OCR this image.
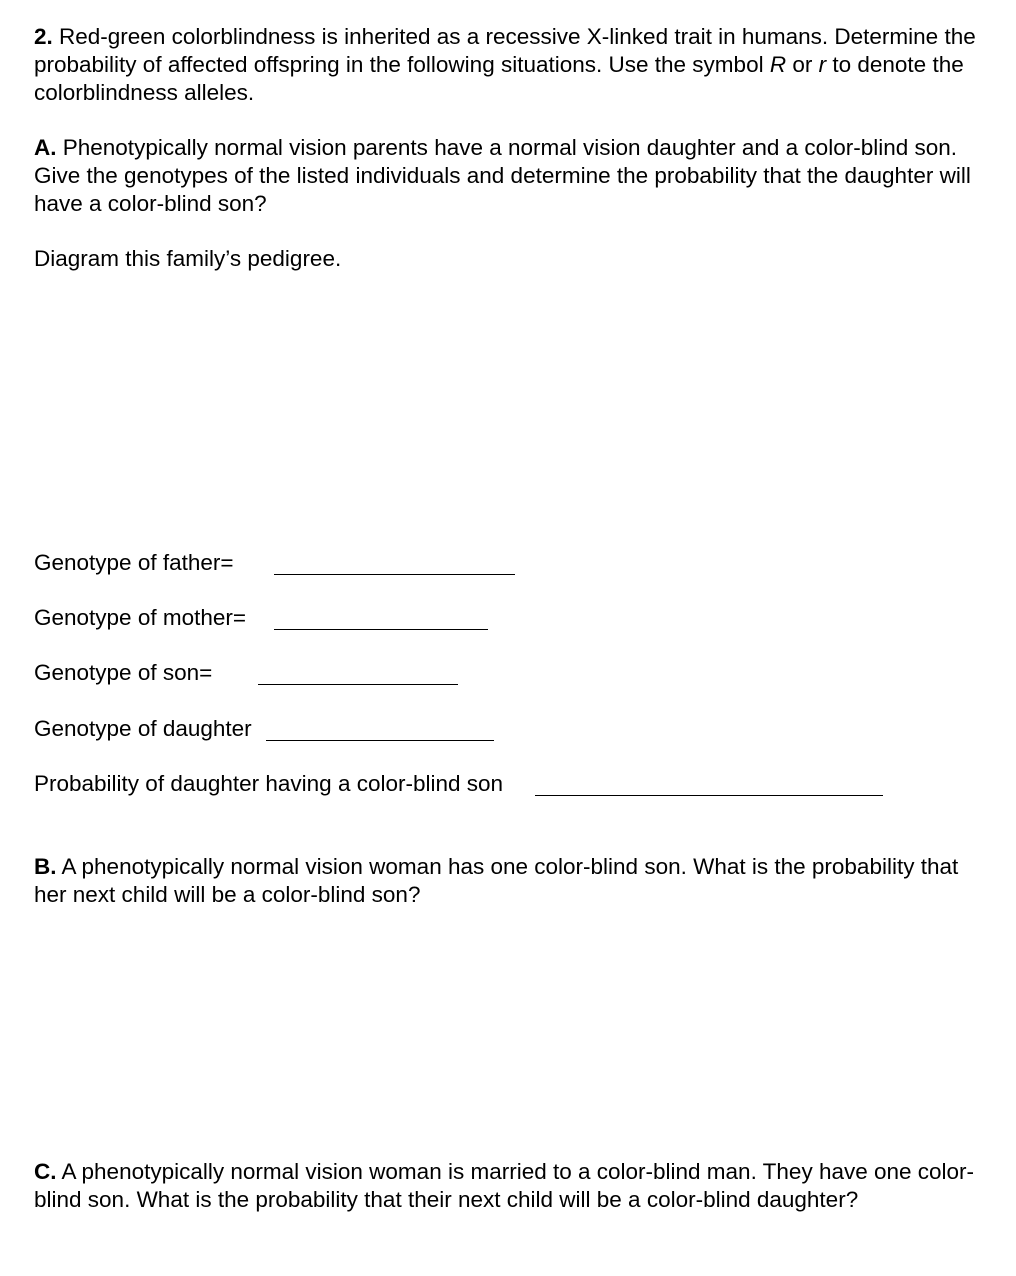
2. Red-green colorblindness is inherited as a recessive X-linked trait in humans. Determine the probability of affected offspring in the following situations. Use the symbol R or r to denote the colorblindness alleles.
A. Phenotypically normal vision parents have a normal vision daughter and a color-blind son. Give the genotypes of the listed individuals and determine the probability that the daughter will have a color-blind son?
Diagram this family’s pedigree.
Genotype of father=
Genotype of mother=
Genotype of son=
Genotype of daughter
Probability of daughter having a color-blind son
B. A phenotypically normal vision woman has one color-blind son. What is the probability that her next child will be a color-blind son?
C. A phenotypically normal vision woman is married to a color-blind man. They have one color-blind son. What is the probability that their next child will be a color-blind daughter?
